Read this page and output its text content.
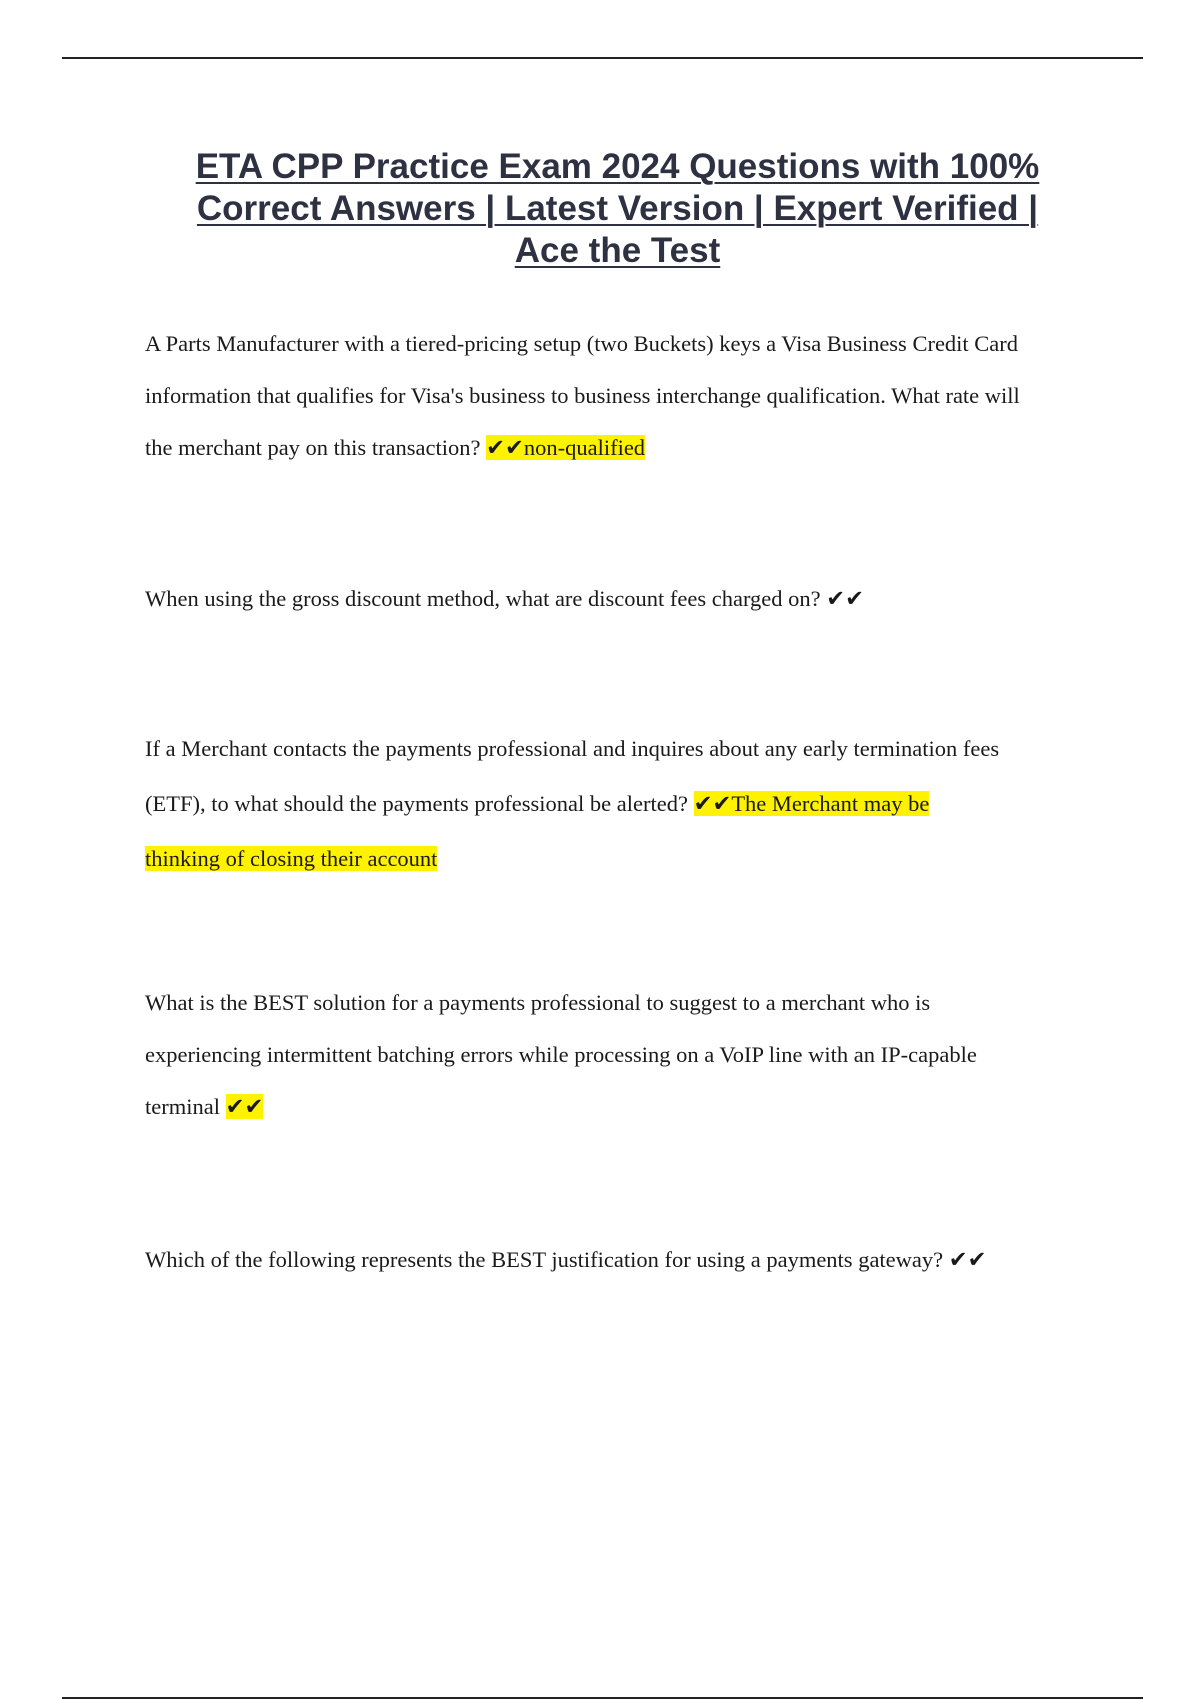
ETA CPP Practice Exam 2024 Questions with 100%
Correct Answers | Latest Version | Expert Verified |
Ace the Test
A Parts Manufacturer with a tiered-pricing setup (two Buckets) keys a Visa Business Credit Card
information that qualifies for Visa's business to business interchange qualification. What rate will
the merchant pay on this transaction? ✔✔non-qualified
When using the gross discount method, what are discount fees charged on? ✔✔
If a Merchant contacts the payments professional and inquires about any early termination fees
(ETF), to what should the payments professional be alerted? ✔✔The Merchant may be
thinking of closing their account
What is the BEST solution for a payments professional to suggest to a merchant who is
experiencing intermittent batching errors while processing on a VoIP line with an IP-capable
terminal ✔✔
Which of the following represents the BEST justification for using a payments gateway? ✔✔
